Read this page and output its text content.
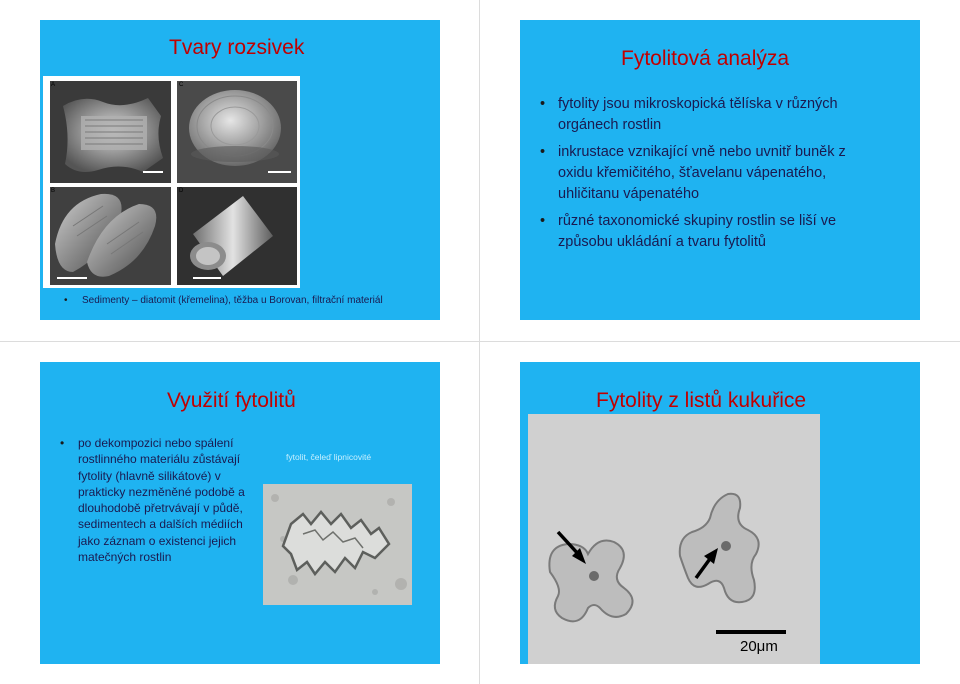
Tvary rozsivek
A	C
B	D
• Sedimenty – diatomit (křemelina), těžba u Borovan, filtrační materiál
Fytolitová analýza
• fytolity jsou mikroskopická tělíska v různých orgánech rostlin
• inkrustace vznikající vně nebo uvnitř buněk z oxidu křemičitého, šťavelanu vápenatého, uhličitanu vápenatého
• různé taxonomické skupiny rostlin se liší ve způsobu ukládání a tvaru fytolitů
Využití fytolitů
• po dekompozici nebo spálení rostlinného materiálu zůstávají fytolity (hlavně silikátové) v prakticky nezměněné podobě a dlouhodobě přetrvávají v půdě, sedimentech a dalších médiích jako záznam o existenci jejich matečných rostlin
fytolit, čeleď lipnicovité
Fytolity z listů kukuřice
20μm
